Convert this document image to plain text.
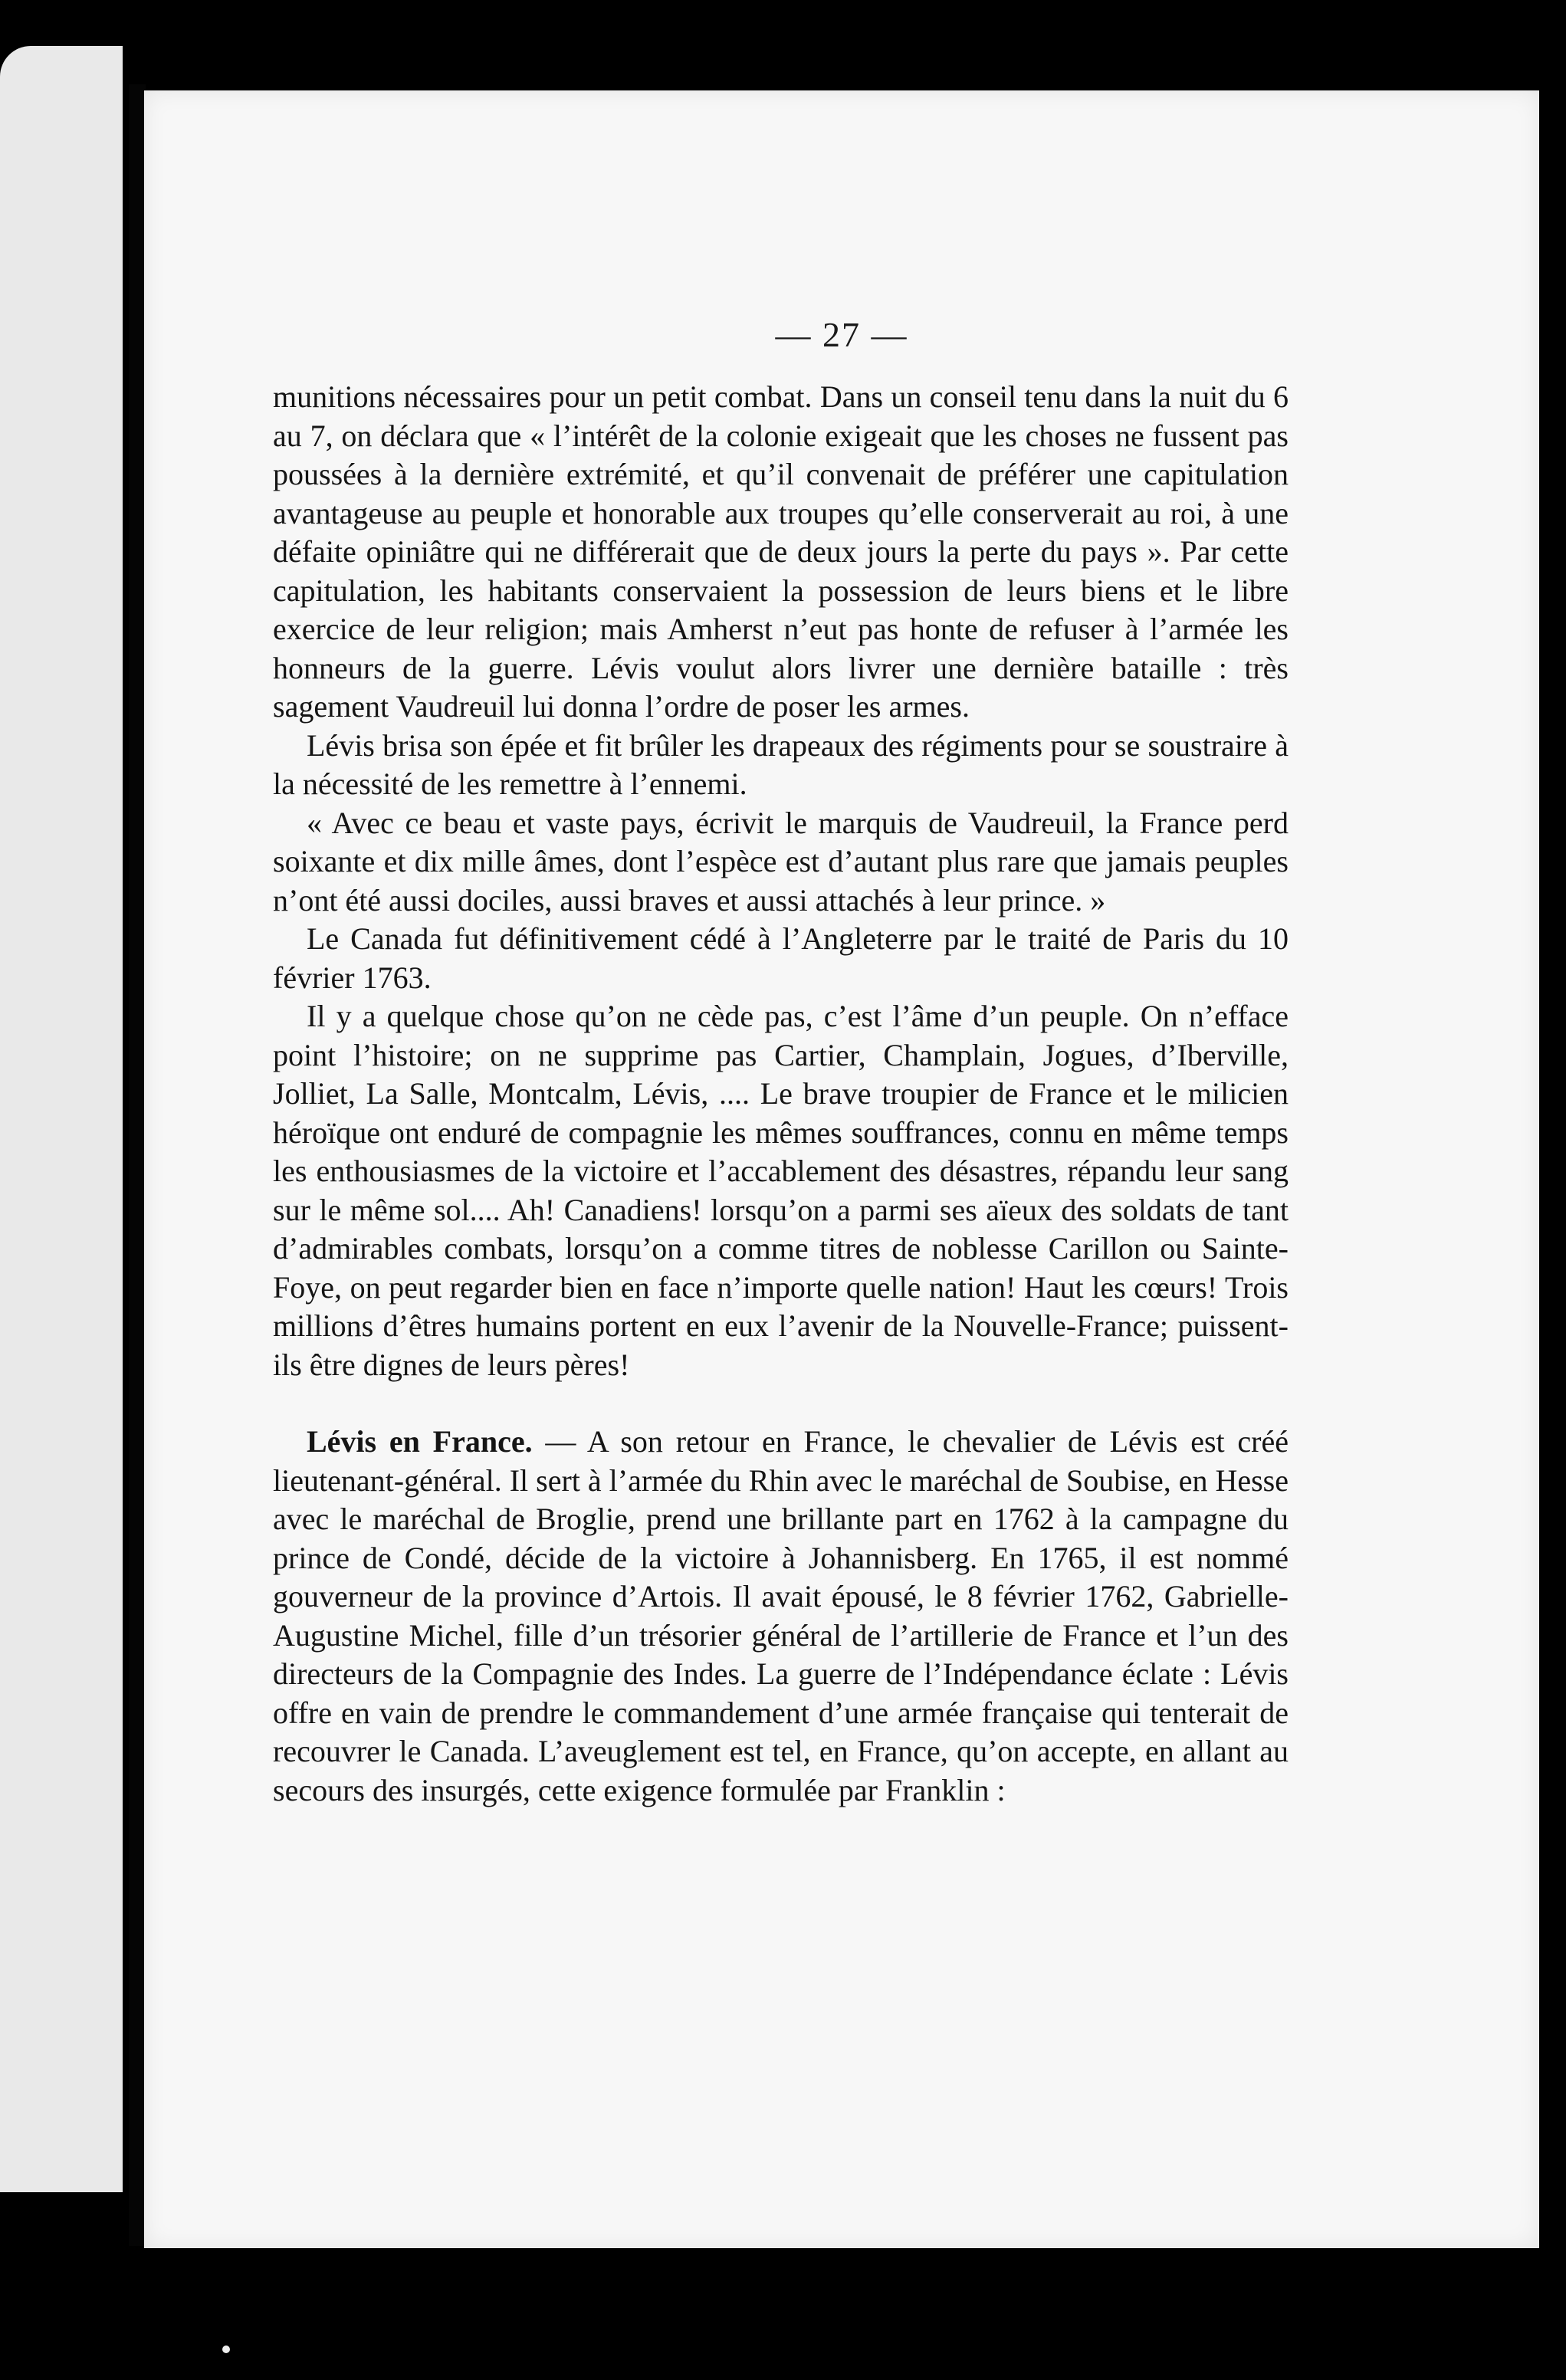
— 27 —

munitions nécessaires pour un petit combat. Dans un conseil tenu dans la nuit du 6 au 7, on déclara que « l’intérêt de la colonie exigeait que les choses ne fussent pas poussées à la dernière extrémité, et qu’il convenait de préférer une capitulation avantageuse au peuple et honorable aux troupes qu’elle conserverait au roi, à une défaite opiniâtre qui ne différerait que de deux jours la perte du pays ». Par cette capitulation, les habitants conservaient la possession de leurs biens et le libre exercice de leur religion; mais Amherst n’eut pas honte de refuser à l’armée les honneurs de la guerre. Lévis voulut alors livrer une dernière bataille : très sagement Vaudreuil lui donna l’ordre de poser les armes.

Lévis brisa son épée et fit brûler les drapeaux des régiments pour se soustraire à la nécessité de les remettre à l’ennemi.

« Avec ce beau et vaste pays, écrivit le marquis de Vaudreuil, la France perd soixante et dix mille âmes, dont l’espèce est d’autant plus rare que jamais peuples n’ont été aussi dociles, aussi braves et aussi attachés à leur prince. »

Le Canada fut définitivement cédé à l’Angleterre par le traité de Paris du 10 février 1763.

Il y a quelque chose qu’on ne cède pas, c’est l’âme d’un peuple. On n’efface point l’histoire; on ne supprime pas Cartier, Champlain, Jogues, d’Iberville, Jolliet, La Salle, Montcalm, Lévis, .... Le brave troupier de France et le milicien héroïque ont enduré de compagnie les mêmes souffrances, connu en même temps les enthousiasmes de la victoire et l’accablement des désastres, répandu leur sang sur le même sol.... Ah! Canadiens! lorsqu’on a parmi ses aïeux des soldats de tant d’admirables combats, lorsqu’on a comme titres de noblesse Carillon ou Sainte-Foye, on peut regarder bien en face n’importe quelle nation! Haut les cœurs! Trois millions d’êtres humains portent en eux l’avenir de la Nouvelle-France; puissent-ils être dignes de leurs pères!

Lévis en France. — A son retour en France, le chevalier de Lévis est créé lieutenant-général. Il sert à l’armée du Rhin avec le maréchal de Soubise, en Hesse avec le maréchal de Broglie, prend une brillante part en 1762 à la campagne du prince de Condé, décide de la victoire à Johannisberg. En 1765, il est nommé gouverneur de la province d’Artois. Il avait épousé, le 8 février 1762, Gabrielle-Augustine Michel, fille d’un trésorier général de l’artillerie de France et l’un des directeurs de la Compagnie des Indes. La guerre de l’Indépendance éclate : Lévis offre en vain de prendre le commandement d’une armée française qui tenterait de recouvrer le Canada. L’aveuglement est tel, en France, qu’on accepte, en allant au secours des insurgés, cette exigence formulée par Franklin :
